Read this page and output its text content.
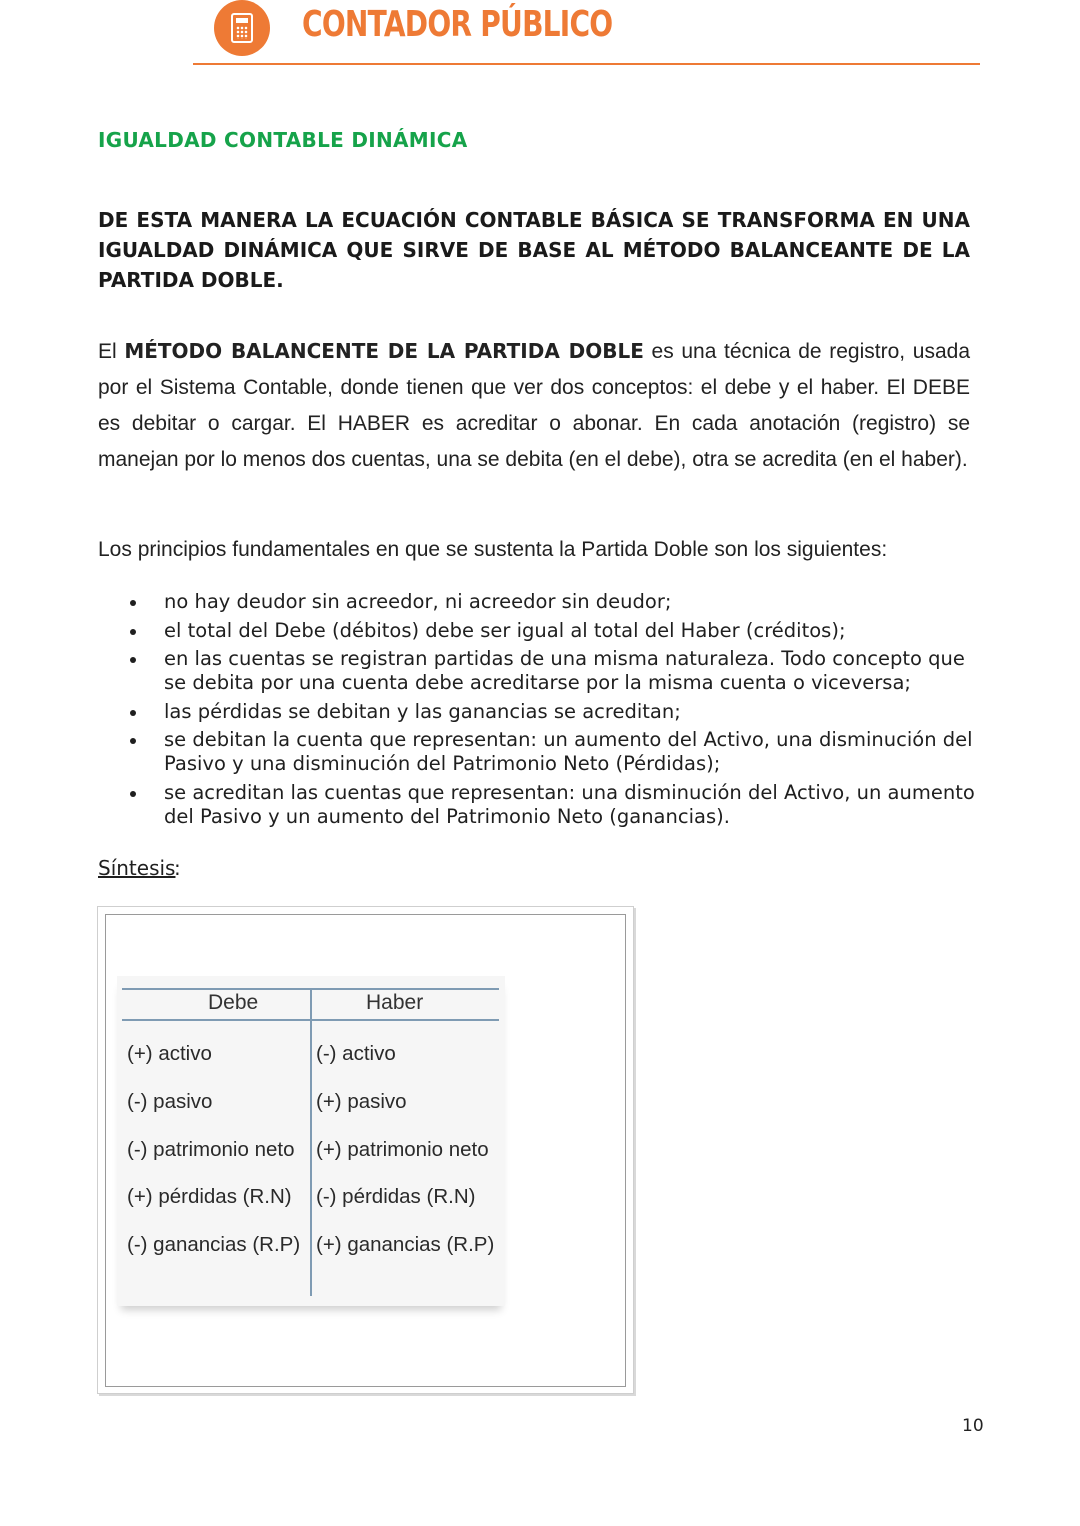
CONTADOR PÚBLICO
IGUALDAD CONTABLE DINÁMICA
DE ESTA MANERA LA ECUACIÓN CONTABLE BÁSICA SE TRANSFORMA EN UNA IGUALDAD DINÁMICA QUE SIRVE DE BASE AL MÉTODO BALANCEANTE DE LA PARTIDA DOBLE.
El MÉTODO BALANCENTE DE LA PARTIDA DOBLE es una técnica de registro, usada por el Sistema Contable, donde tienen que ver dos conceptos: el debe y el haber. El DEBE es debitar o cargar. El HABER es acreditar o abonar. En cada anotación (registro) se manejan por lo menos dos cuentas, una se debita (en el debe), otra se acredita (en el haber).
Los principios fundamentales en que se sustenta la Partida Doble son los siguientes:
no hay deudor sin acreedor, ni acreedor sin deudor;
el total del Debe (débitos) debe ser igual al total del Haber (créditos);
en las cuentas se registran partidas de una misma naturaleza. Todo concepto que se debita por una cuenta debe acreditarse por la misma cuenta o viceversa;
las pérdidas se debitan y las ganancias se acreditan;
se debitan la cuenta que representan: un aumento del Activo, una disminución del Pasivo y una disminución del Patrimonio Neto (Pérdidas);
se acreditan las cuentas que representan: una disminución del Activo, un aumento del Pasivo y un aumento del Patrimonio Neto (ganancias).
Síntesis
:
Debe	Haber
(+) activo
(-) pasivo
(-) patrimonio neto
(+) pérdidas (R.N)
(-) ganancias (R.P)
(-) activo
(+) pasivo
(+) patrimonio neto
(-) pérdidas (R.N)
(+) ganancias (R.P)
10
